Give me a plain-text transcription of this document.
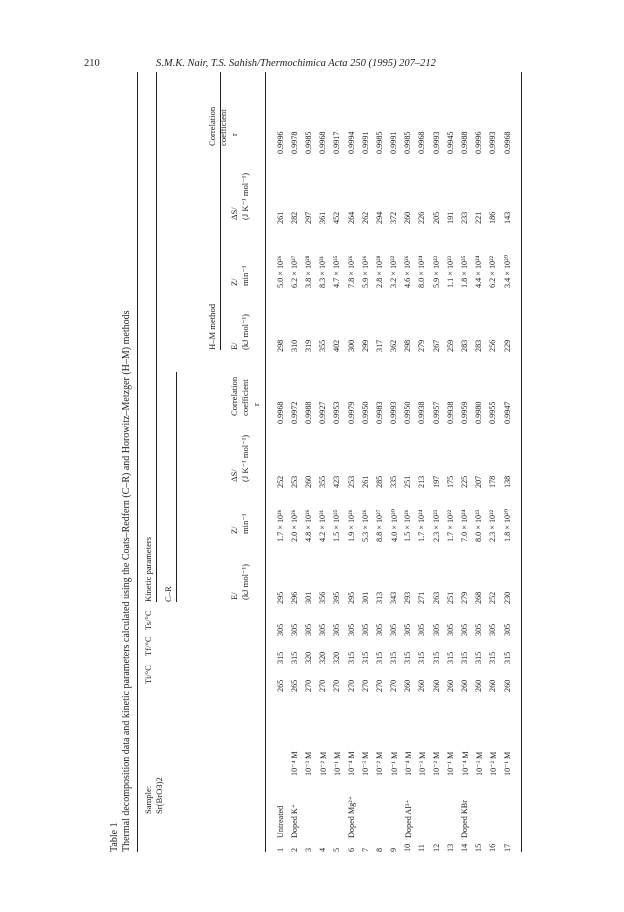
210	S.M.K. Nair, T.S. Sahish/Thermochimica Acta 250 (1995) 207–212
Table 1 Thermal decomposition data and kinetic parameters calculated using the Coats–Redfern (C–R) and Horowitz–Metzger (H–M) methods Sample: Sr(BrO3)2
Ti/°C
Tf/°C
Ts/°C
Kinetic parameters C–R
H–M method
E/ (kJ mol⁻¹)
Z/ min⁻¹
ΔS/ (J K⁻¹ mol⁻¹)
Correlation coefficient r
E/ (kJ mol⁻¹)
Z/ min⁻¹
ΔS/ (J K⁻¹ mol⁻¹)
Correlation coefficient r
1	Untreated		265	315	305	295	1.7 × 10²⁶	252	0.9968	298	5.0 × 10²⁶	261	0.9996
2	Doped K⁺	10⁻⁴ M	265	315	305	296	2.0 × 10²⁶	253	0.9972	310	6.2 × 10²⁷	282	0.9978
3		10⁻³ M	270	320	305	301	4.8 × 10²⁶	260	0.9988	319	3.8 × 10²⁸	297	0.9985
4		10⁻² M	270	320	305	356	4.2 × 10³¹	355	0.9927	355	8.3 × 10³¹	361	0.9968
5		10⁻¹ M	270	320	305	395	1.5 × 10³⁵	423	0.9953	402	4.7 × 10³⁵	452	0.9917
6	Doped Mg²⁺	10⁻⁴ M	270	315	305	295	1.9 × 10²⁶	253	0.9979	300	7.8 × 10²⁶	264	0.9994
7		10⁻³ M	270	315	305	301	5.3 × 10²⁶	261	0.9950	299	5.9 × 10²⁶	262	0.9991
8		10⁻² M	270	315	305	313	8.8 × 10²⁷	285	0.9983	317	2.8 × 10²⁸	294	0.9985
9		10⁻¹ M	270	315	305	343	4.0 × 10³⁰	335	0.9993	362	3.2 × 10³²	372	0.9991
10	Doped Al³⁺	10⁻⁴ M	260	315	305	293	1.5 × 10²⁶	251	0.9950	298	4.6 × 10²⁶	260	0.9985
11		10⁻³ M	260	315	305	271	1.7 × 10²⁴	213	0.9938	279	8.0 × 10²⁴	226	0.9968
12		10⁻² M	260	315	305	263	2.3 × 10²³	197	0.9957	267	5.9 × 10²³	205	0.9993
13		10⁻¹ M	260	315	305	251	1.7 × 10²²	175	0.9938	259	1.1 × 10²³	191	0.9945
14	Doped KBr	10⁻⁴ M	260	315	305	279	7.0 × 10²⁴	225	0.9959	283	1.8 × 10²⁵	233	0.9988
15		10⁻³ M	260	315	305	268	8.0 × 10²³	207	0.9980	283	4.4 × 10²⁴	221	0.9996
16		10⁻² M	260	315	305	252	2.3 × 10²²	178	0.9955	256	6.2 × 10²²	186	0.9993
17		10⁻¹ M	260	315	305	230	1.8 × 10²⁰	138	0.9947	229	3.4 × 10²⁰	143	0.9968
